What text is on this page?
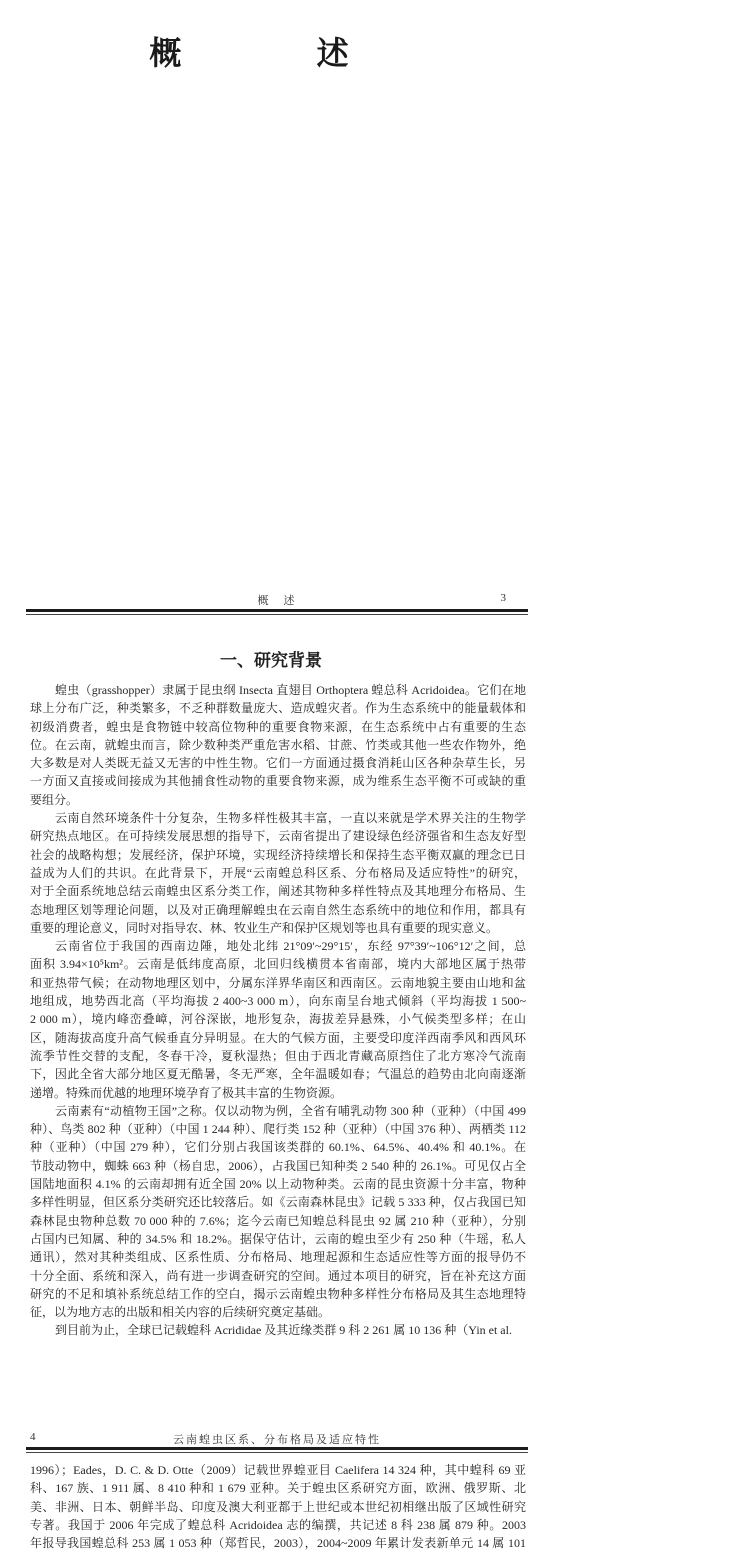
概 述
概　述	3
一、研究背景
蝗虫（grasshopper）隶属于昆虫纲 Insecta 直翅目 Orthoptera 蝗总科 Acridoidea。它们在地
球上分布广泛，种类繁多，不乏种群数量庞大、造成蝗灾者。作为生态系统中的能量载体和
初级消费者，蝗虫是食物链中较高位物种的重要食物来源，在生态系统中占有重要的生态
位。在云南，就蝗虫而言，除少数种类严重危害水稻、甘蔗、竹类或其他一些农作物外，绝
大多数是对人类既无益又无害的中性生物。它们一方面通过摄食消耗山区各种杂草生长，另
一方面又直接或间接成为其他捕食性动物的重要食物来源，成为维系生态平衡不可或缺的重
要组分。
云南自然环境条件十分复杂，生物多样性极其丰富，一直以来就是学术界关注的生物学
研究热点地区。在可持续发展思想的指导下，云南省提出了建设绿色经济强省和生态友好型
社会的战略构想；发展经济，保护环境，实现经济持续增长和保持生态平衡双赢的理念已日
益成为人们的共识。在此背景下，开展“云南蝗总科区系、分布格局及适应特性”的研究，
对于全面系统地总结云南蝗虫区系分类工作，阐述其物种多样性特点及其地理分布格局、生
态地理区划等理论问题，以及对正确理解蝗虫在云南自然生态系统中的地位和作用，都具有
重要的理论意义，同时对指导农、林、牧业生产和保护区规划等也具有重要的现实意义。
云南省位于我国的西南边陲，地处北纬 21°09′~29°15′，东经 97°39′~106°12′之间，总
面积 3.94×10⁵km²。云南是低纬度高原，北回归线横贯本省南部，境内大部地区属于热带
和亚热带气候；在动物地理区划中，分属东洋界华南区和西南区。云南地貌主要由山地和盆
地组成，地势西北高（平均海拔 2 400~3 000 m），向东南呈台地式倾斜（平均海拔 1 500~
2 000 m），境内峰峦叠嶂，河谷深嵌，地形复杂，海拔差异悬殊，小气候类型多样；在山
区，随海拔高度升高气候垂直分异明显。在大的气候方面，主要受印度洋西南季风和西风环
流季节性交替的支配，冬春干冷，夏秋湿热；但由于西北青藏高原挡住了北方寒冷气流南
下，因此全省大部分地区夏无酷暑，冬无严寒，全年温暖如春；气温总的趋势由北向南逐渐
递增。特殊而优越的地理环境孕育了极其丰富的生物资源。
云南素有“动植物王国”之称。仅以动物为例，全省有哺乳动物 300 种（亚种）（中国 499
种）、鸟类 802 种（亚种）（中国 1 244 种）、爬行类 152 种（亚种）（中国 376 种）、两栖类 112
种（亚种）（中国 279 种），它们分别占我国该类群的 60.1%、64.5%、40.4% 和 40.1%。在
节肢动物中，蜘蛛 663 种（杨自忠，2006），占我国已知种类 2 540 种的 26.1%。可见仅占全
国陆地面积 4.1% 的云南却拥有近全国 20% 以上动物种类。云南的昆虫资源十分丰富，物种
多样性明显，但区系分类研究还比较落后。如《云南森林昆虫》记载 5 333 种，仅占我国已知
森林昆虫物种总数 70 000 种的 7.6%；迄今云南已知蝗总科昆虫 92 属 210 种（亚种），分别
占国内已知属、种的 34.5% 和 18.2%。据保守估计，云南的蝗虫至少有 250 种（牛瑶，私人
通讯），然对其种类组成、区系性质、分布格局、地理起源和生态适应性等方面的报导仍不
十分全面、系统和深入，尚有进一步调查研究的空间。通过本项目的研究，旨在补充这方面
研究的不足和填补系统总结工作的空白，揭示云南蝗虫物种多样性分布格局及其生态地理特
征，以为地方志的出版和相关内容的后续研究奠定基础。
到目前为止，全球已记载蝗科 Acrididae 及其近缘类群 9 科 2 261 属 10 136 种（Yin et al.
4	云南蝗虫区系、分布格局及适应特性
1996）；Eades，D. C. & D. Otte（2009）记载世界蝗亚目 Caelifera 14 324 种，其中蝗科 69 亚
科、167 族、1 911 属、8 410 种和 1 679 亚种。关于蝗虫区系研究方面，欧洲、俄罗斯、北
美、非洲、日本、朝鲜半岛、印度及澳大利亚都于上世纪或本世纪初相继出版了区域性研究
专著。我国于 2006 年完成了蝗总科 Acridoidea 志的编撰，共记述 8 科 238 属 879 种。2003
年报导我国蝗总科 253 属 1 053 种（郑哲民，2003），2004~2009 年累计发表新单元 14 属 101
